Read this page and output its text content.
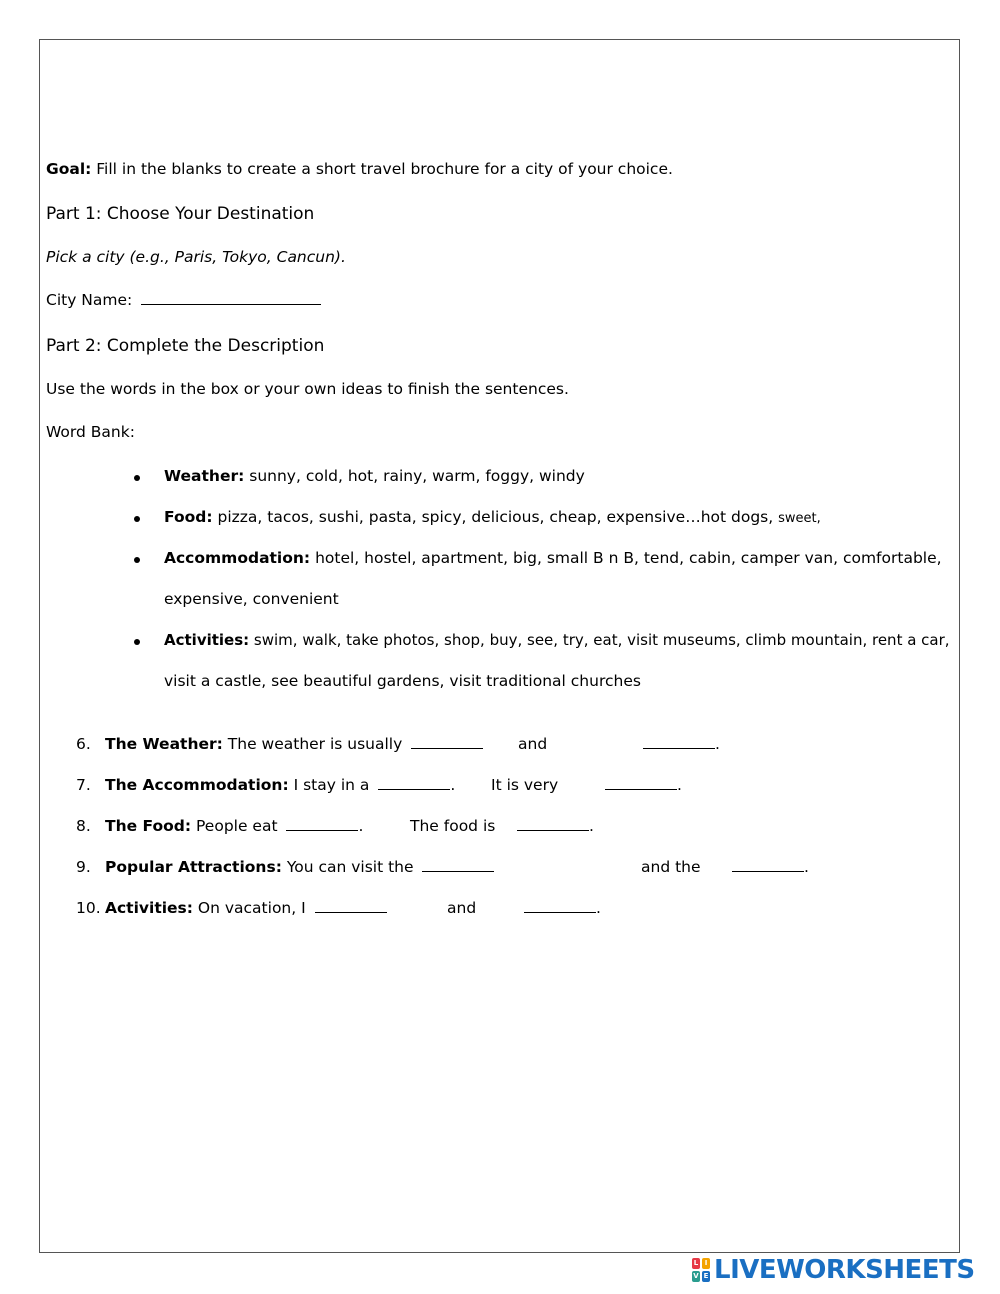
Goal: Fill in the blanks to create a short travel brochure for a city of your choice.
Part 1: Choose Your Destination
Pick a city (e.g., Paris, Tokyo, Cancun).
City Name:
Part 2: Complete the Description
Use the words in the box or your own ideas to finish the sentences.
Word Bank:
Weather: sunny, cold, hot, rainy, warm, foggy, windy
Food: pizza, tacos, sushi, pasta, spicy, delicious, cheap, expensive…hot dogs, sweet,
Accommodation: hotel, hostel, apartment, big, small B n B, tend, cabin, camper van, comfortable,
expensive, convenient
Activities: swim, walk, take photos, shop, buy, see, try, eat, visit museums, climb mountain, rent a car,
visit a castle, see beautiful gardens, visit traditional churches
6. The Weather: The weather is usually	and	.
7. The Accommodation: I stay in a	. It is very	.
8. The Food: People eat	.	The food is	.
9. Popular Attractions: You can visit the	and the	.
10. Activities: On vacation, I	and	.
L I
V E LIVEWORKSHEETS
